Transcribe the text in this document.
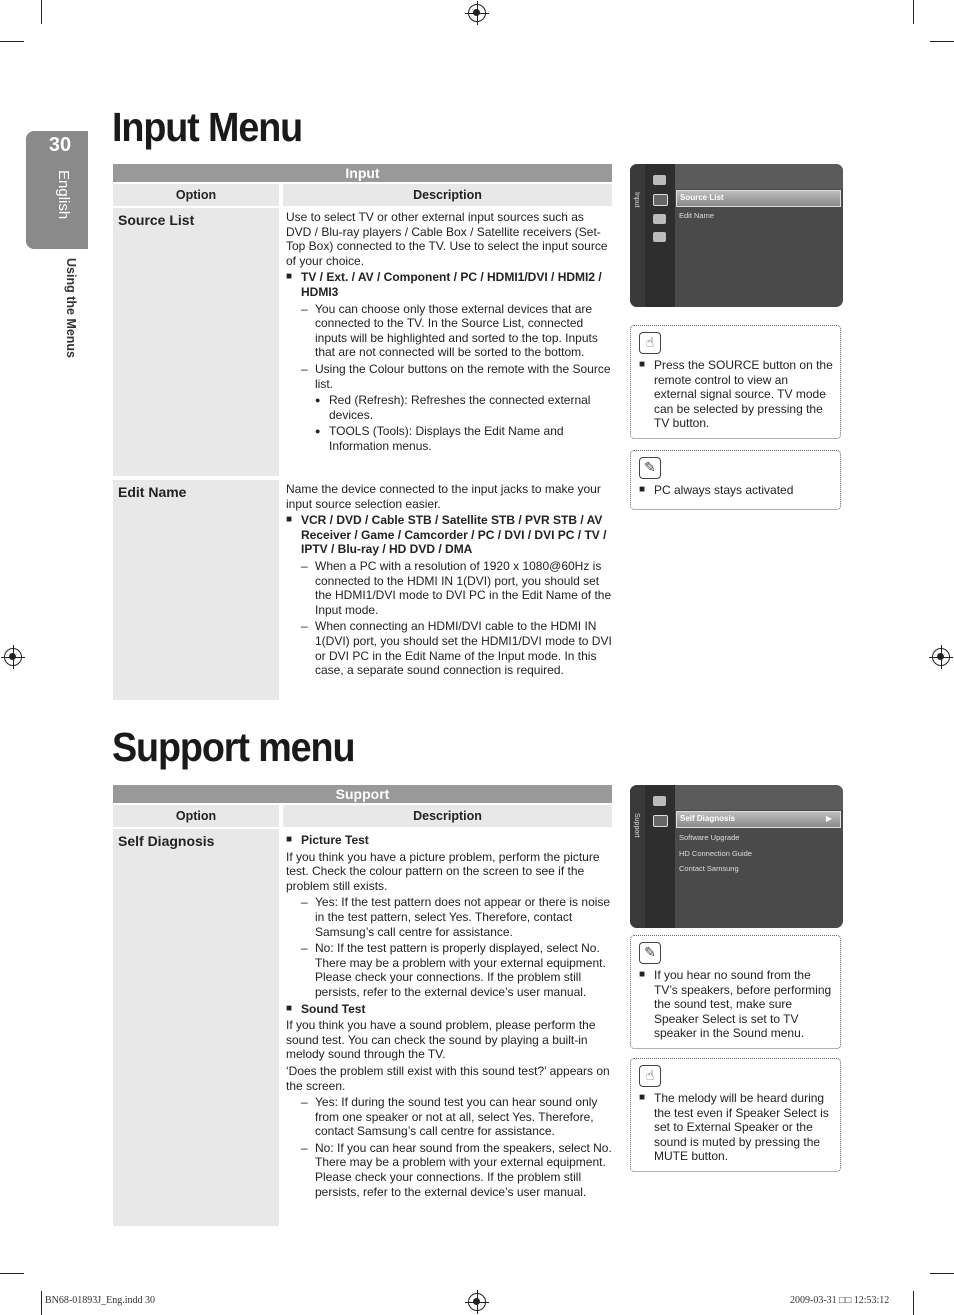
30
English
Using the Menus
Input Menu
Input
Option	Description
Source List	Use to select TV or other external input sources such as DVD / Blu-ray players / Cable Box / Satellite receivers (Set-Top Box) connected to the TV. Use to select the input source of your choice.

■ TV / Ext. / AV / Component / PC / HDMI1/DVI / HDMI2 / HDMI3

– You can choose only those external devices that are connected to the TV. In the Source List, connected inputs will be highlighted and sorted to the top. Inputs that are not connected will be sorted to the bottom.

– Using the Colour buttons on the remote with the Source list.

● Red (Refresh): Refreshes the connected external devices.

● TOOLS (Tools): Displays the Edit Name and Information menus.

Edit Name	Name the device connected to the input jacks to make your input source selection easier.

■ VCR / DVD / Cable STB / Satellite STB / PVR STB / AV Receiver / Game / Camcorder / PC / DVI / DVI PC / TV / IPTV / Blu-ray / HD DVD / DMA

– When a PC with a resolution of 1920 x 1080@60Hz is connected to the HDMI IN 1(DVI) port, you should set the HDMI1/DVI mode to DVI PC in the Edit Name of the Input mode.

– When connecting an HDMI/DVI cable to the HDMI IN 1(DVI) port, you should set the HDMI1/DVI mode to DVI or DVI PC in the Edit Name of the Input mode. In this case, a separate sound connection is required.

Input	Source List
Edit Name
☝
■ Press the SOURCE button on the remote control to view an external signal source. TV mode can be selected by pressing the TV button.
✎
■ PC always stays activated
Support menu
Support
Option	Description
Self Diagnosis

■	Picture Test

If you think you have a picture problem, perform the picture test. Check the colour pattern on the screen to see if the problem still exists.

– Yes: If the test pattern does not appear or there is noise in the test pattern, select Yes. Therefore, contact Samsung’s call centre for assistance.

– No: If the test pattern is properly displayed, select No. There may be a problem with your external equipment. Please check your connections. If the problem still persists, refer to the external device’s user manual.

■ Sound Test

If you think you have a sound problem, please perform the sound test. You can check the sound by playing a built-in melody sound through the TV.

‘Does the problem still exist with this sound test?’ appears on the screen.

– Yes: If during the sound test you can hear sound only from one speaker or not at all, select Yes. Therefore, contact Samsung’s call centre for assistance.

– No: If you can hear sound from the speakers, select No. There may be a problem with your external equipment. Please check your connections. If the problem still persists, refer to the external device’s user manual.

Support	Self Diagnosis	▶
Software Upgrade
HD Connection Guide
Contact Samsung
✎
■ If you hear no sound from the TV’s speakers, before performing the sound test, make sure Speaker Select is set to TV speaker in the Sound menu.
☝
■ The melody will be heard during the test even if Speaker Select is set to External Speaker or the sound is muted by pressing the MUTE button.
BN68-01893J_Eng.indd 30	2009-03-31 □□ 12:53:12
